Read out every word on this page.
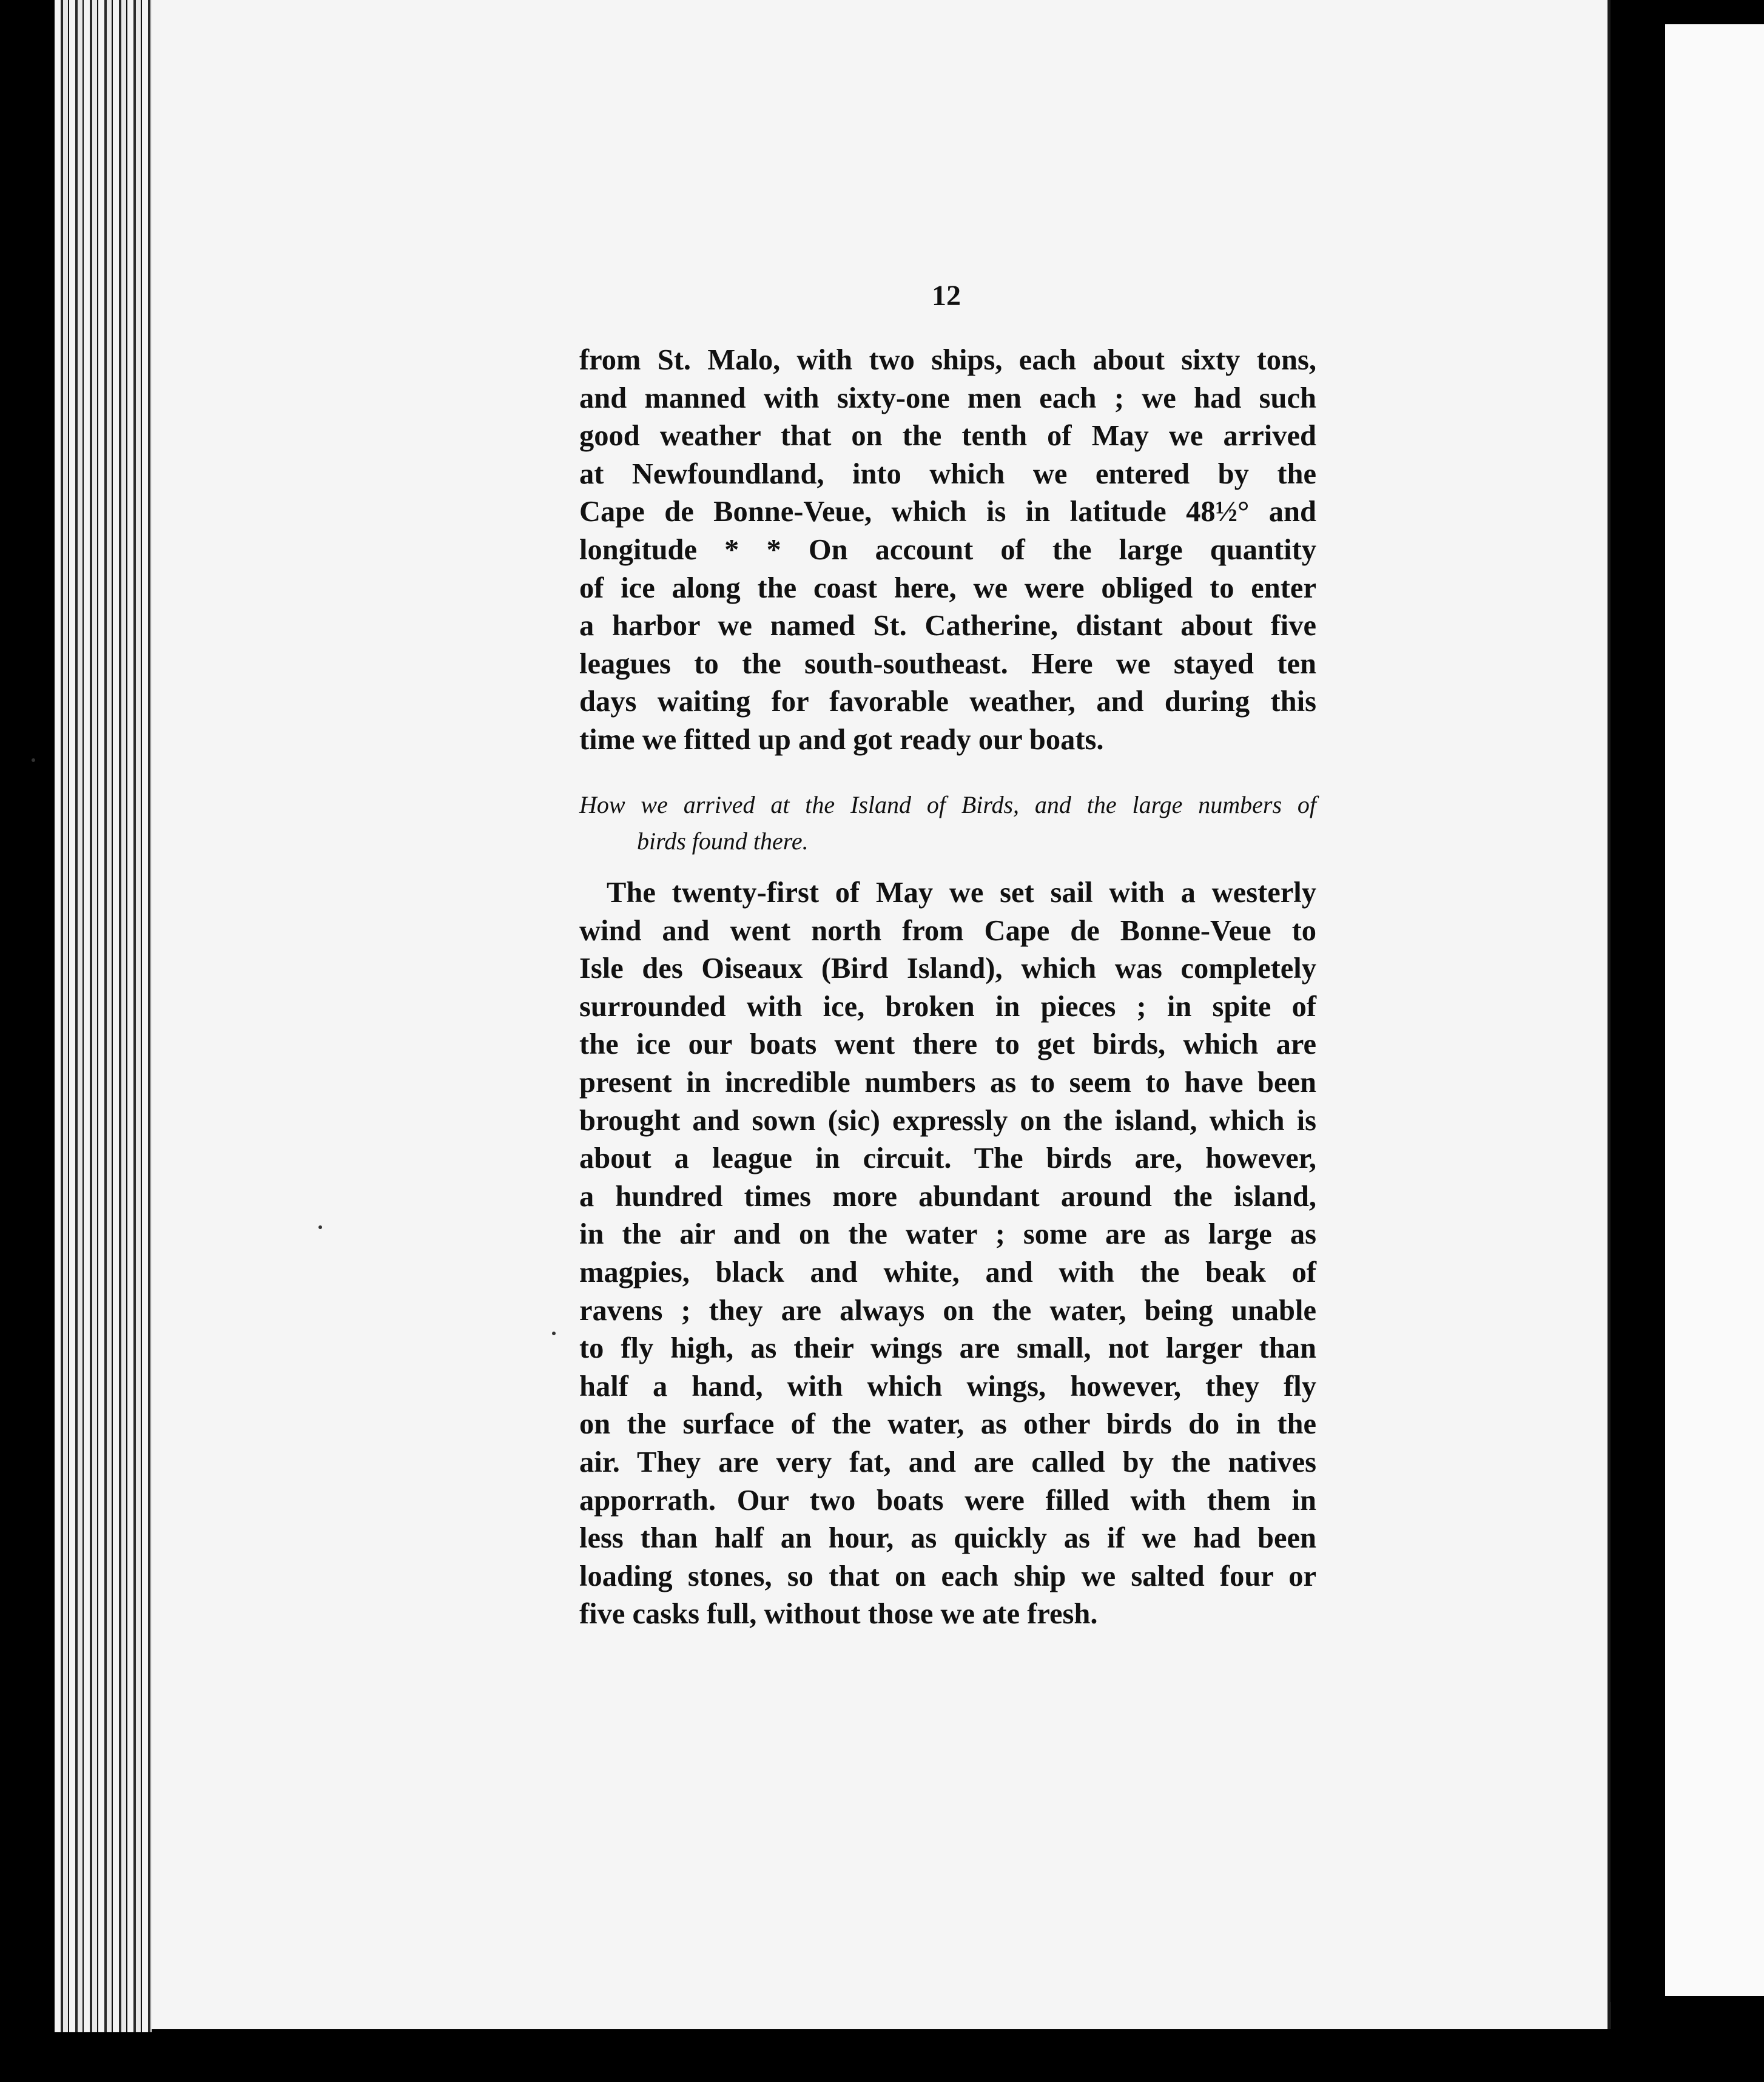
12
from St. Malo, with two ships, each about sixty tons,
and manned with sixty-one men each ; we had such
good weather that on the tenth of May we arrived
at Newfoundland, into which we entered by the
Cape de Bonne-Veue, which is in latitude 48½° and
longitude * * On account of the large quantity
of ice along the coast here, we were obliged to enter
a harbor we named St. Catherine, distant about five
leagues to the south-southeast. Here we stayed ten
days waiting for favorable weather, and during this
time we fitted up and got ready our boats.
How we arrived at the Island of Birds, and the large numbers of
birds found there.
The twenty-first of May we set sail with a westerly
wind and went north from Cape de Bonne-Veue to
Isle des Oiseaux (Bird Island), which was completely
surrounded with ice, broken in pieces ; in spite of
the ice our boats went there to get birds, which are
present in incredible numbers as to seem to have been
brought and sown (sic) expressly on the island, which is
about a league in circuit. The birds are, however,
a hundred times more abundant around the island,
in the air and on the water ; some are as large as
magpies, black and white, and with the beak of
ravens ; they are always on the water, being unable
to fly high, as their wings are small, not larger than
half a hand, with which wings, however, they fly
on the surface of the water, as other birds do in the
air. They are very fat, and are called by the natives
apporrath. Our two boats were filled with them in
less than half an hour, as quickly as if we had been
loading stones, so that on each ship we salted four or
five casks full, without those we ate fresh.
